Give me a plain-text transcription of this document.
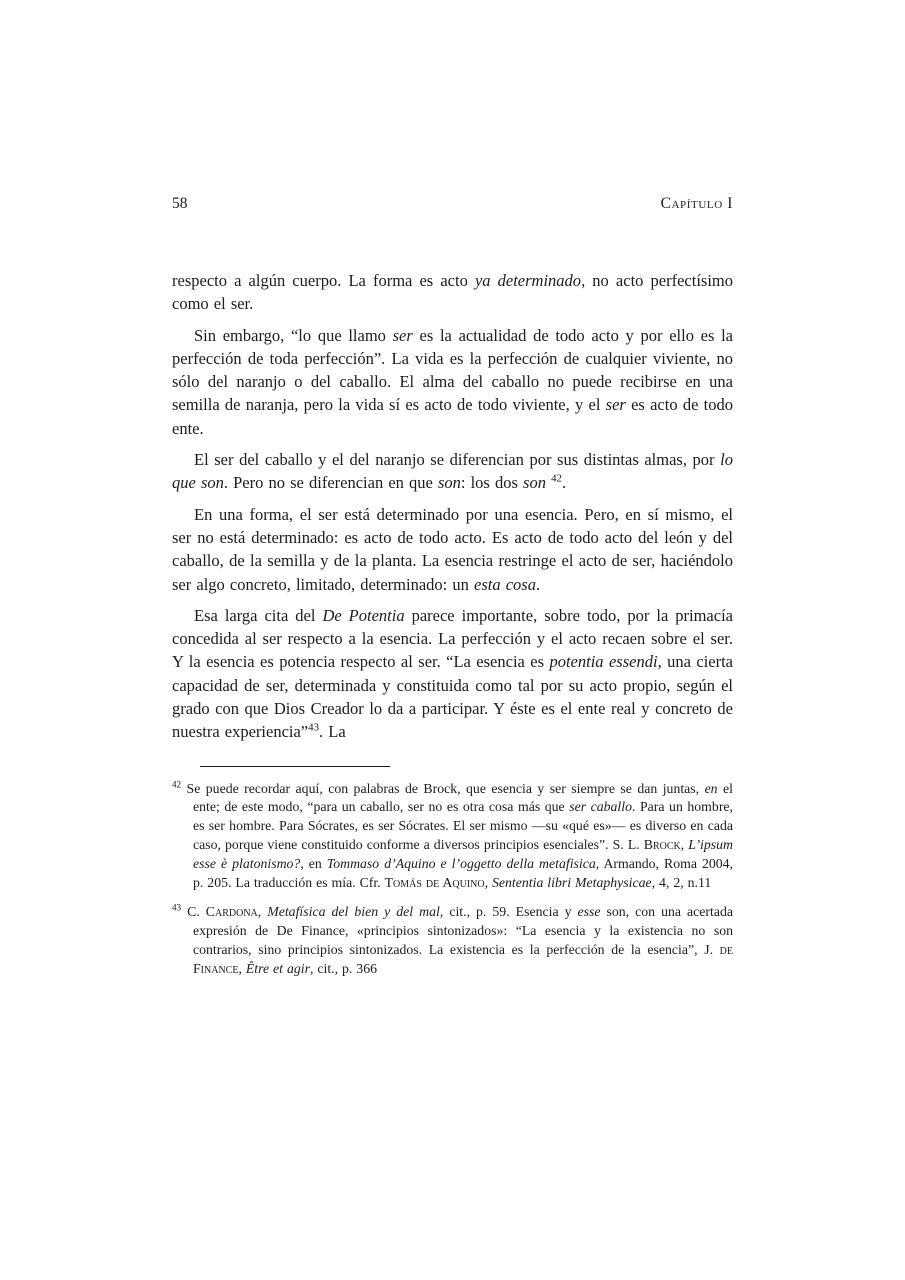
58	Capítulo I

respecto a algún cuerpo. La forma es acto ya determinado, no acto perfectísimo como el ser.

Sin embargo, “lo que llamo ser es la actualidad de todo acto y por ello es la perfección de toda perfección”. La vida es la perfección de cualquier viviente, no sólo del naranjo o del caballo. El alma del caballo no puede recibirse en una semilla de naranja, pero la vida sí es acto de todo viviente, y el ser es acto de todo ente.

El ser del caballo y el del naranjo se diferencian por sus distintas almas, por lo que son. Pero no se diferencian en que son: los dos son $^{42}$.

En una forma, el ser está determinado por una esencia. Pero, en sí mismo, el ser no está determinado: es acto de todo acto. Es acto de todo acto del león y del caballo, de la semilla y de la planta. La esencia restringe el acto de ser, haciéndolo ser algo concreto, limitado, determinado: un esta cosa.

Esa larga cita del De Potentia parece importante, sobre todo, por la primacía concedida al ser respecto a la esencia. La perfección y el acto recaen sobre el ser. Y la esencia es potencia respecto al ser. “La esencia es potentia essendi, una cierta capacidad de ser, determinada y constituida como tal por su acto propio, según el grado con que Dios Creador lo da a participar. Y éste es el ente real y concreto de nuestra experiencia”$^{43}$. La

$^{42}$ Se puede recordar aquí, con palabras de Brock, que esencia y ser siempre se dan juntas, en el ente; de este modo, “para un caballo, ser no es otra cosa más que ser caballo. Para un hombre, es ser hombre. Para Sócrates, es ser Sócrates. El ser mismo —su «qué es»— es diverso en cada caso, porque viene constituido conforme a diversos principios esenciales”. S. L. Brock, L’ipsum esse è platonismo?, en Tommaso d’Aquino e l’oggetto della metafisica, Armando, Roma 2004, p. 205. La traducción es mía. Cfr. Tomás de Aquino, Sententia libri Metaphysicae, 4, 2, n.11
$^{43}$ C. Cardona, Metafísica del bien y del mal, cit., p. 59. Esencia y esse son, con una acertada expresión de De Finance, «principios sintonizados»: “La esencia y la existencia no son contrarios, sino principios sintonizados. La existencia es la perfección de la esencia”, J. de Finance, Être et agir, cit., p. 366
